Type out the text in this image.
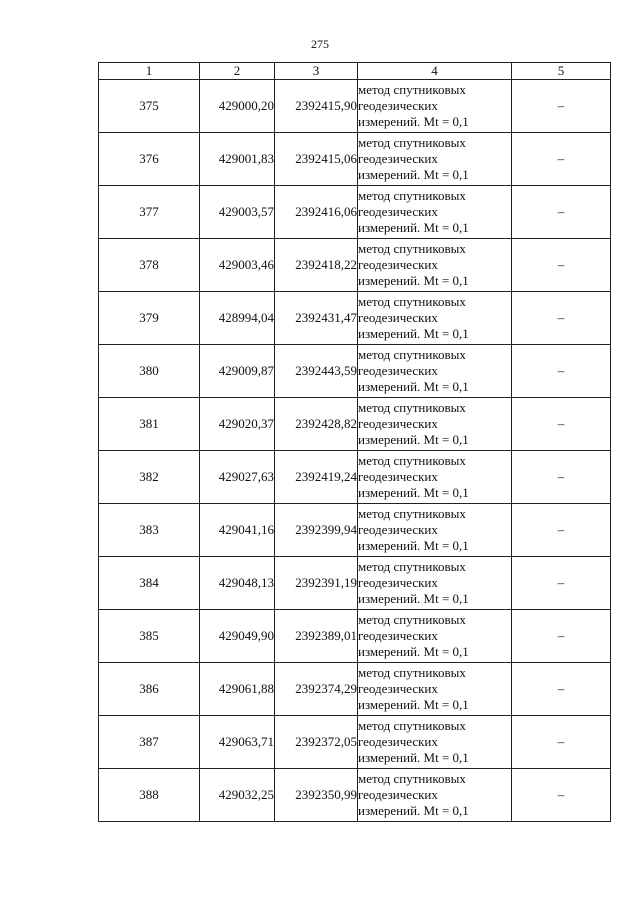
275
1	2	3	4	5
375	429000,20	2392415,90	метод спутниковых
геодезических
измерений. Mt = 0,1	–
376	429001,83	2392415,06	метод спутниковых
геодезических
измерений. Mt = 0,1	–
377	429003,57	2392416,06	метод спутниковых
геодезических
измерений. Mt = 0,1	–
378	429003,46	2392418,22	метод спутниковых
геодезических
измерений. Mt = 0,1	–
379	428994,04	2392431,47	метод спутниковых
геодезических
измерений. Mt = 0,1	–
380	429009,87	2392443,59	метод спутниковых
геодезических
измерений. Mt = 0,1	–
381	429020,37	2392428,82	метод спутниковых
геодезических
измерений. Mt = 0,1	–
382	429027,63	2392419,24	метод спутниковых
геодезических
измерений. Mt = 0,1	–
383	429041,16	2392399,94	метод спутниковых
геодезических
измерений. Mt = 0,1	–
384	429048,13	2392391,19	метод спутниковых
геодезических
измерений. Mt = 0,1	–
385	429049,90	2392389,01	метод спутниковых
геодезических
измерений. Mt = 0,1	–
386	429061,88	2392374,29	метод спутниковых
геодезических
измерений. Mt = 0,1	–
387	429063,71	2392372,05	метод спутниковых
геодезических
измерений. Mt = 0,1	–
388	429032,25	2392350,99	метод спутниковых
геодезических
измерений. Mt = 0,1	–
